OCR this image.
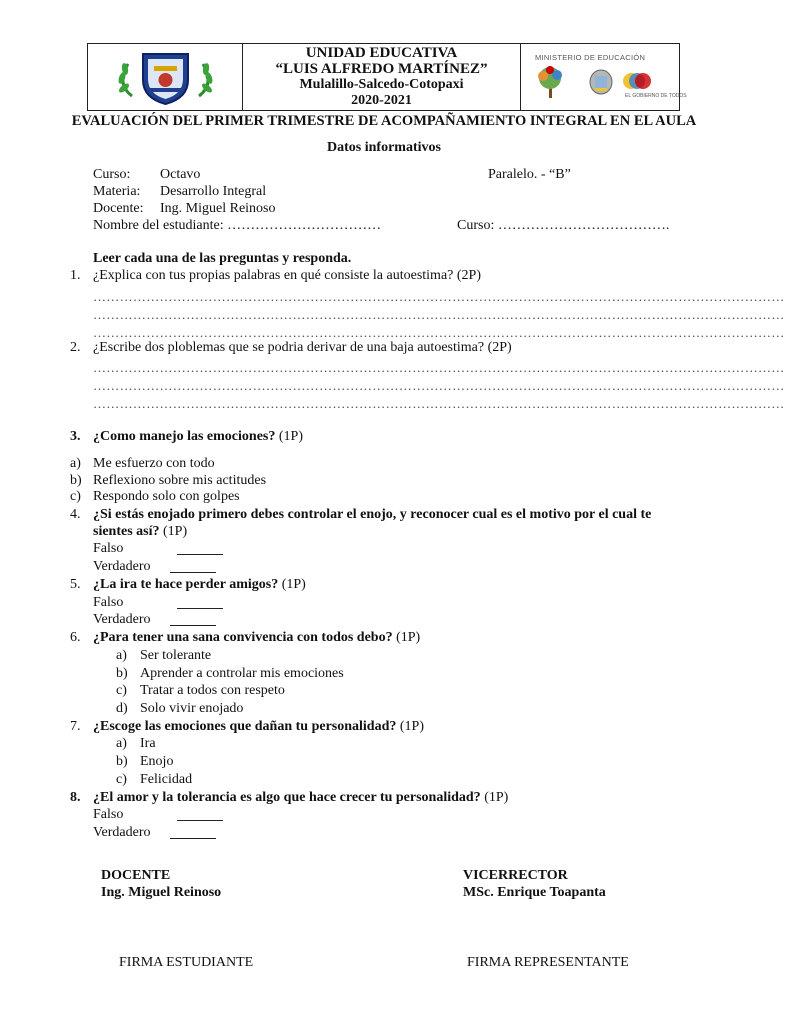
UNIDAD EDUCATIVA
“LUIS ALFREDO MARTÍNEZ”
Mulalillo-Salcedo-Cotopaxi
2020-2021
MINISTERIO DE EDUCACIÓN
EL GOBIERNO DE TODOS
EVALUACIÓN DEL PRIMER TRIMESTRE DE ACOMPAÑAMIENTO INTEGRAL EN EL AULA
Datos informativos
Curso: Octavo	Paralelo. - “B”
Materia: Desarrollo Integral
Docente: Ing. Miguel Reinoso
Nombre del estudiante: ……………………………	Curso: ……………………………….
Leer cada una de las preguntas y responda.
1. ¿Explica con tus propias palabras en qué consiste la autoestima? (2P)
…………………………………………………………………………………………………………………………………………
…………………………………………………………………………………………………………………………………………
…………………………………………………………………………………………………………………………………………
2. ¿Escribe dos ploblemas que se podria derivar de una baja autoestima? (2P)
…………………………………………………………………………………………………………………………………………
…………………………………………………………………………………………………………………………………………
…………………………………………………………………………………………………………………………………………
3. ¿Como manejo las emociones? (1P)
a) Me esfuerzo con todo
b) Reflexiono sobre mis actitudes
c) Respondo solo con golpes
4. ¿Si estás enojado primero debes controlar el enojo, y reconocer cual es el motivo por el cual te
sientes así? (1P)
Falso
Verdadero
5. ¿La ira te hace perder amigos? (1P)
Falso
Verdadero
6. ¿Para tener una sana convivencia con todos debo? (1P)
a) Ser tolerante
b) Aprender a controlar mis emociones
c) Tratar a todos con respeto
d) Solo vivir enojado
7. ¿Escoge las emociones que dañan tu personalidad? (1P)
a) Ira
b) Enojo
c) Felicidad
8. ¿El amor y la tolerancia es algo que hace crecer tu personalidad? (1P)
Falso
Verdadero
DOCENTE
Ing. Miguel Reinoso
VICERRECTOR
MSc. Enrique Toapanta
FIRMA ESTUDIANTE	FIRMA REPRESENTANTE
